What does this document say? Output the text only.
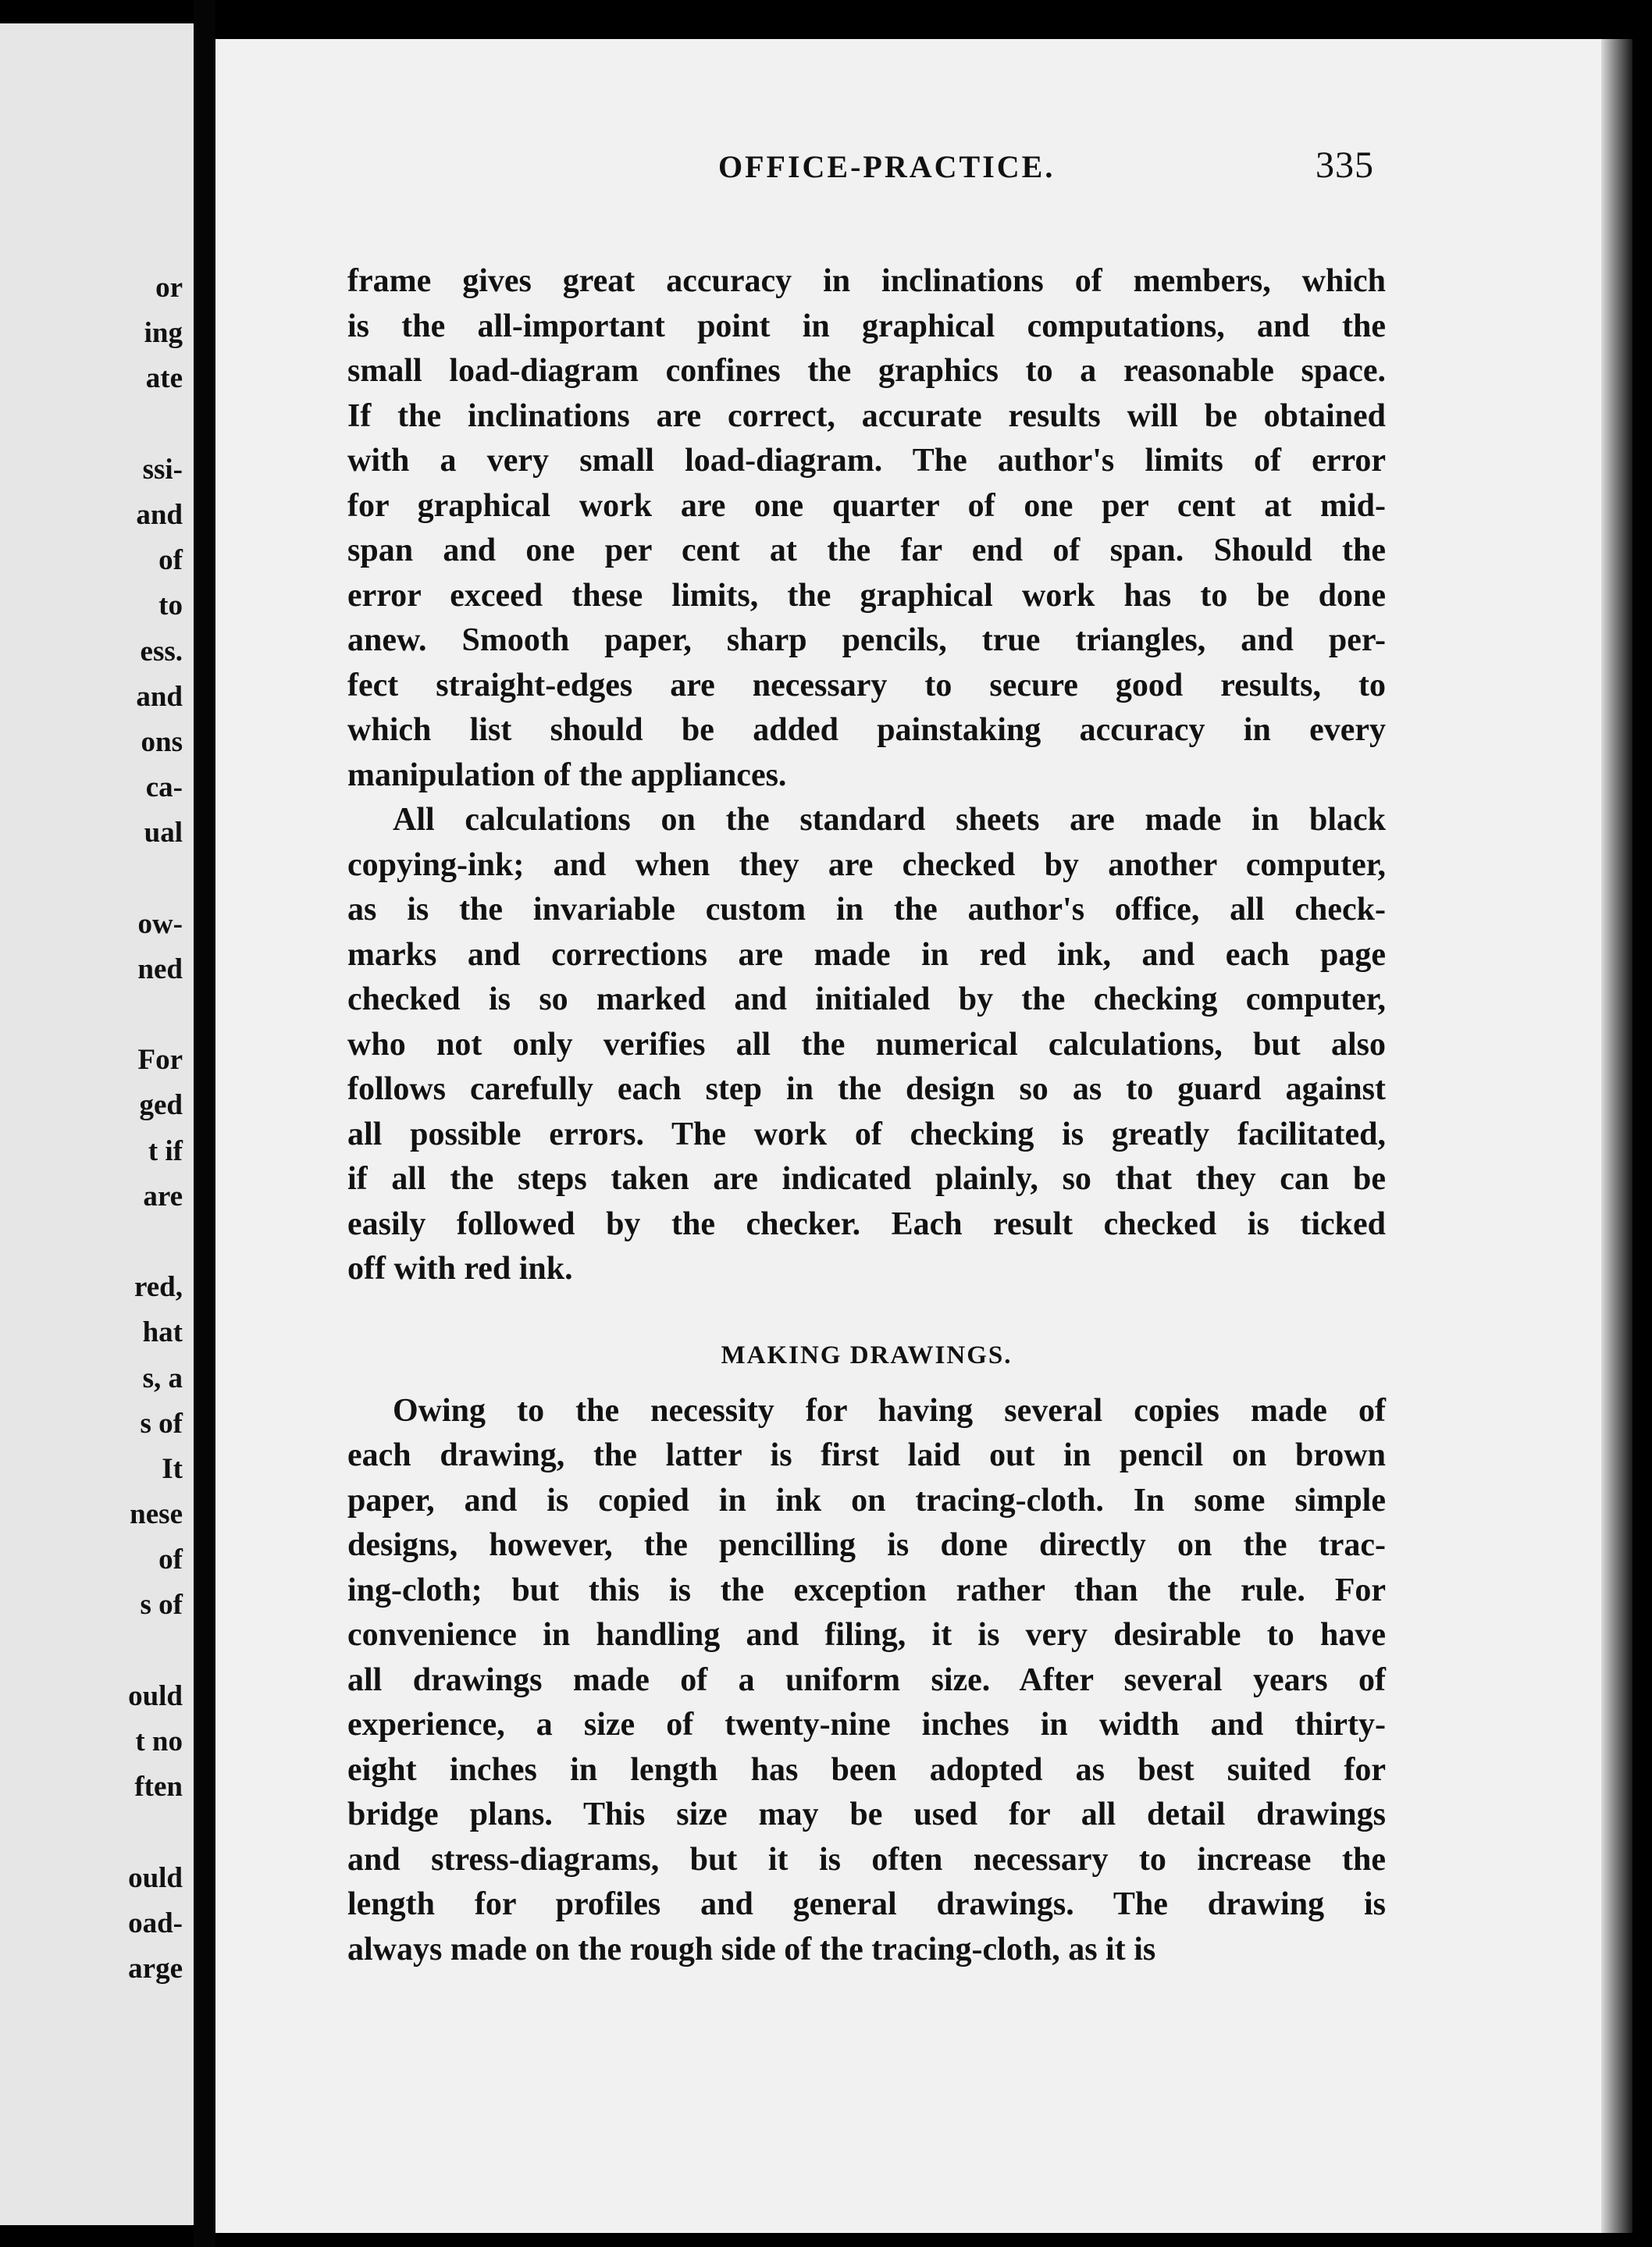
or
ing
ate
ssi-
and
of
to
ess.
and
ons
ca-
ual
ow-
ned
For
ged
t if
are
red,
hat
s, a
s of
It
nese
of
s of
ould
t no
ften
ould
oad-
arge
OFFICE-PRACTICE.	335
frame gives great accuracy in inclinations of members, which
is the all-important point in graphical computations, and the
small load-diagram confines the graphics to a reasonable space.
If the inclinations are correct, accurate results will be obtained
with a very small load-diagram. The author's limits of error
for graphical work are one quarter of one per cent at mid-
span and one per cent at the far end of span. Should the
error exceed these limits, the graphical work has to be done
anew. Smooth paper, sharp pencils, true triangles, and per-
fect straight-edges are necessary to secure good results, to
which list should be added painstaking accuracy in every
manipulation of the appliances.
All calculations on the standard sheets are made in black
copying-ink; and when they are checked by another computer,
as is the invariable custom in the author's office, all check-
marks and corrections are made in red ink, and each page
checked is so marked and initialed by the checking computer,
who not only verifies all the numerical calculations, but also
follows carefully each step in the design so as to guard against
all possible errors. The work of checking is greatly facilitated,
if all the steps taken are indicated plainly, so that they can be
easily followed by the checker. Each result checked is ticked
off with red ink.
MAKING DRAWINGS.
Owing to the necessity for having several copies made of
each drawing, the latter is first laid out in pencil on brown
paper, and is copied in ink on tracing-cloth. In some simple
designs, however, the pencilling is done directly on the trac-
ing-cloth; but this is the exception rather than the rule. For
convenience in handling and filing, it is very desirable to have
all drawings made of a uniform size. After several years of
experience, a size of twenty-nine inches in width and thirty-
eight inches in length has been adopted as best suited for
bridge plans. This size may be used for all detail drawings
and stress-diagrams, but it is often necessary to increase the
length for profiles and general drawings. The drawing is
always made on the rough side of the tracing-cloth, as it is
